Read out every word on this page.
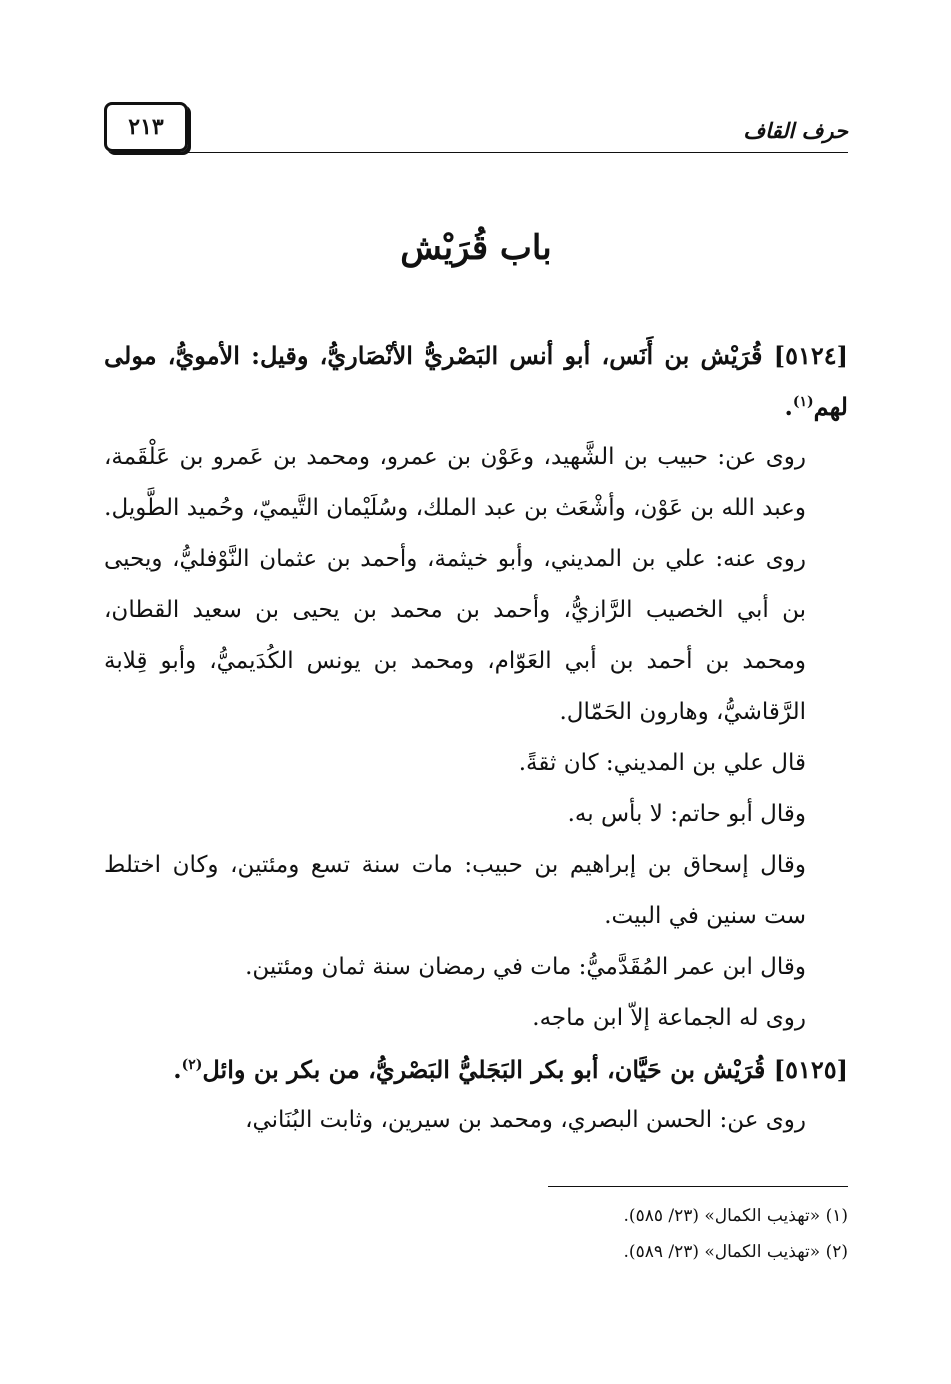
٢١٣	حرف القاف
باب قُرَيْش

[٥١٢٤] قُرَيْش بن أَنَس، أبو أنس البَصْريُّ الأنْصَاريُّ، وقيل: الأمويُّ، مولى لهم$^{(١)}$.

روى عن: حبيب بن الشَّهيد، وعَوْن بن عمرو، ومحمد بن عَمرو بن عَلْقَمة، وعبد الله بن عَوْن، وأشْعَث بن عبد الملك، وسُلَيْمان التَّيميّ، وحُميد الطَّويل.

روى عنه: علي بن المديني، وأبو خيثمة، وأحمد بن عثمان النَّوْفليُّ، ويحيى بن أبي الخصيب الرَّازيُّ، وأحمد بن محمد بن يحيى بن سعيد القطان، ومحمد بن أحمد بن أبي العَوّام، ومحمد بن يونس الكُدَيميُّ، وأبو قِلابة الرَّقاشيُّ، وهارون الحَمّال.

قال علي بن المديني: كان ثقةً.

وقال أبو حاتم: لا بأس به.

وقال إسحاق بن إبراهيم بن حبيب: مات سنة تسع ومئتين، وكان اختلط ست سنين في البيت.

وقال ابن عمر المُقَدَّميُّ: مات في رمضان سنة ثمان ومئتين.

روى له الجماعة إلاّ ابن ماجه.

[٥١٢٥] قُرَيْش بن حَيَّان، أبو بكر البَجَليُّ البَصْريُّ، من بكر بن وائل$^{(٢)}$.

روى عن: الحسن البصري، ومحمد بن سيرين، وثابت البُنَاني،

(١) «تهذيب الكمال» (٢٣/ ٥٨٥).
(٢) «تهذيب الكمال» (٢٣/ ٥٨٩).
